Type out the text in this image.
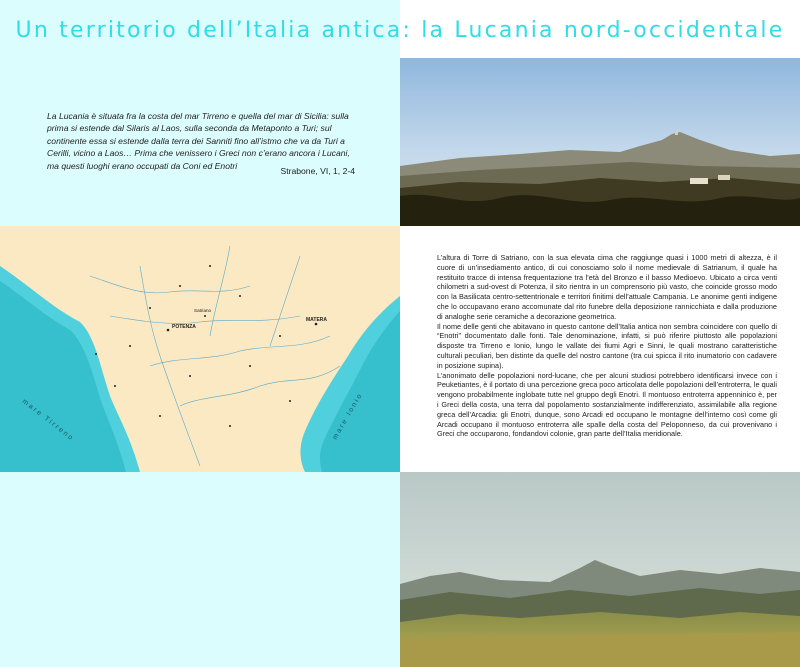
POTENZA
MATERA
Satriano
mare Tirreno	mare Ionio
Un territorio dell’Italia antica: la Lucania nord-occidentale
La Lucania è situata fra la costa del mar Tirreno e quella del mar di Sicilia: sulla prima si estende dal Silaris al Laos, sulla seconda da Metaponto a Turi; sul continente essa si estende dalla terra dei Sanniti fino all’istmo che va da Turi a Cerilli, vicino a Laos… Prima che venissero i Greci non c’erano ancora i Lucani, ma questi luoghi erano occupati da Coni ed Enotri
Strabone, VI, 1, 2-4

L’altura di Torre di Satriano, con la sua elevata cima che raggiunge quasi i 1000 metri di altezza, è il cuore di un’insediamento antico, di cui conosciamo solo il nome medievale di Satrianum, il quale ha restituito tracce di intensa frequentazione tra l’età del Bronzo e il basso Medioevo. Ubicato a circa venti chilometri a sud-ovest di Potenza, il sito rientra in un comprensorio più vasto, che coincide grosso modo con la Basilicata centro-settentrionale e territori finitimi dell’attuale Campania. Le anonime genti indigene che lo occupavano erano accomunate dal rito funebre della deposizione rannicchiata e dalla produzione di analoghe serie ceramiche a decorazione geometrica.

Il nome delle genti che abitavano in questo cantone dell’Italia antica non sembra coincidere con quello di “Enotri” documentato dalle fonti. Tale denominazione, infatti, si può riferire piuttosto alle popolazioni disposte tra Tirreno e Ionio, lungo le vallate dei fiumi Agri e Sinni, le quali mostrano caratteristiche culturali peculiari, ben distinte da quelle del nostro cantone (tra cui spicca il rito inumatorio con cadavere in posizione supina).

L’anonimato delle popolazioni nord-lucane, che per alcuni studiosi potrebbero identificarsi invece con i Peuketiantes, è il portato di una percezione greca poco articolata delle popolazioni dell’entroterra, le quali vengono probabilmente inglobate tutte nel gruppo degli Enotri. Il montuoso entroterra appenninico è, per i Greci della costa, una terra dal popolamento sostanzialmente indifferenziato, assimilabile alla regione greca dell’Arcadia: gli Enotri, dunque, sono Arcadi ed occupano le montagne dell’interno così come gli Arcadi occupano il montuoso entroterra alle spalle della costa del Peloponneso, da cui provenivano i Greci che occuparono, fondandovi colonie, gran parte dell’Italia meridionale.
